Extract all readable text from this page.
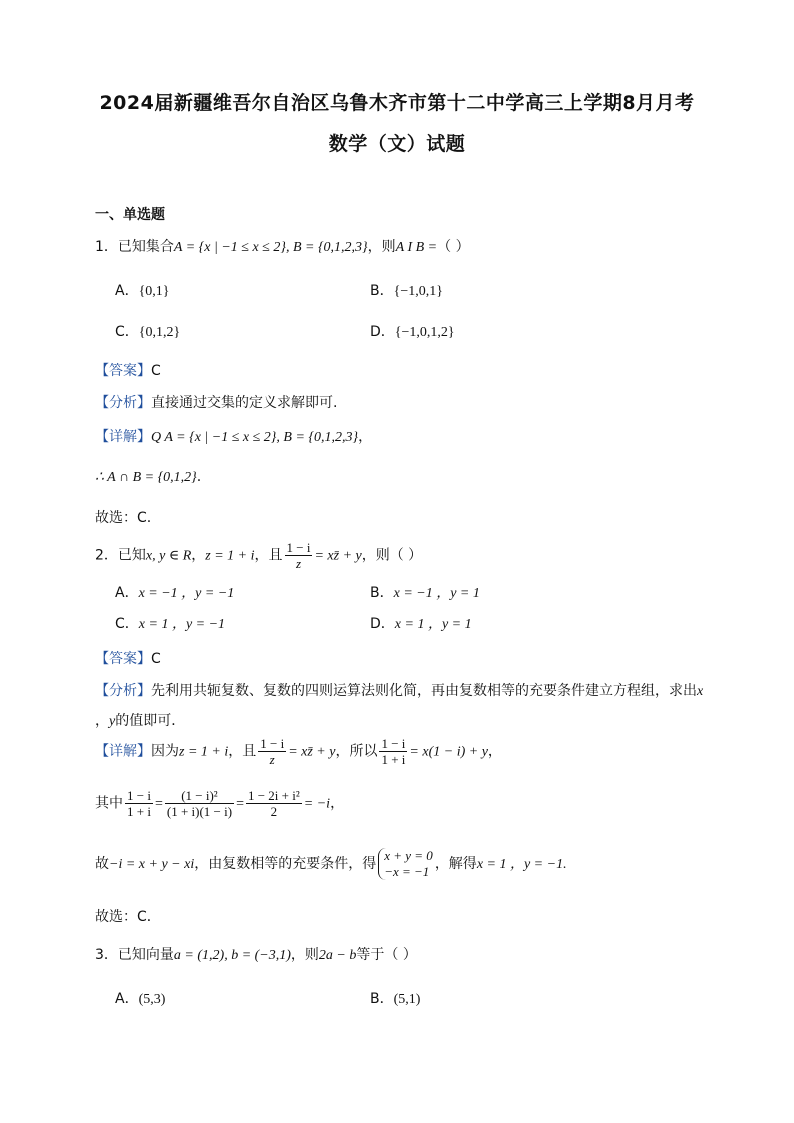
2024届新疆维吾尔自治区乌鲁木齐市第十二中学高三上学期8月月考
数学（文）试题
一、单选题
1．已知集合A = {x | −1 ≤ x ≤ 2}, B = {0,1,2,3}，则A I B =（ ）
A．{0,1}	B．{−1,0,1}
C．{0,1,2}	D．{−1,0,1,2}
【答案】C
【分析】直接通过交集的定义求解即可.
【详解】Q A = {x | −1 ≤ x ≤ 2}, B = {0,1,2,3}，
∴ A ∩ B = {0,1,2}.
故选：C.
2．已知x, y ∈ R，z = 1 + i，且 $\frac{1 - i}{z}$ = xz̄ + y，则（ ）
A．x = −1 ，y = −1	B．x = −1 ，y = 1
C．x = 1 ，y = −1	D．x = 1 ，y = 1
【答案】C
【分析】先利用共轭复数、复数的四则运算法则化简，再由复数相等的充要条件建立方程组，求出x
，y的值即可．
【详解】因为z = 1 + i，且 $\frac{1 - i}{z}$ = xz̄ + y，所以 $\frac{1 - i}{1 + i} = x(1 - i) + y$，
其中 $\frac{1 - i}{1 + i} = \frac{\text{(1 − i)²}}{(1 + i)(1 - i)} = \frac{\text{1 − 2i + i²}}{2} = -i$，
故−i = x + y − xi，由复数相等的充要条件，得
x + y = 0
−x = −1 ，解得x = 1 ，y = −1.
故选：C．
3．已知向量a = (1,2), b = (−3,1)，则2a − b等于（ ）
A．(5,3)	B．(5,1)
